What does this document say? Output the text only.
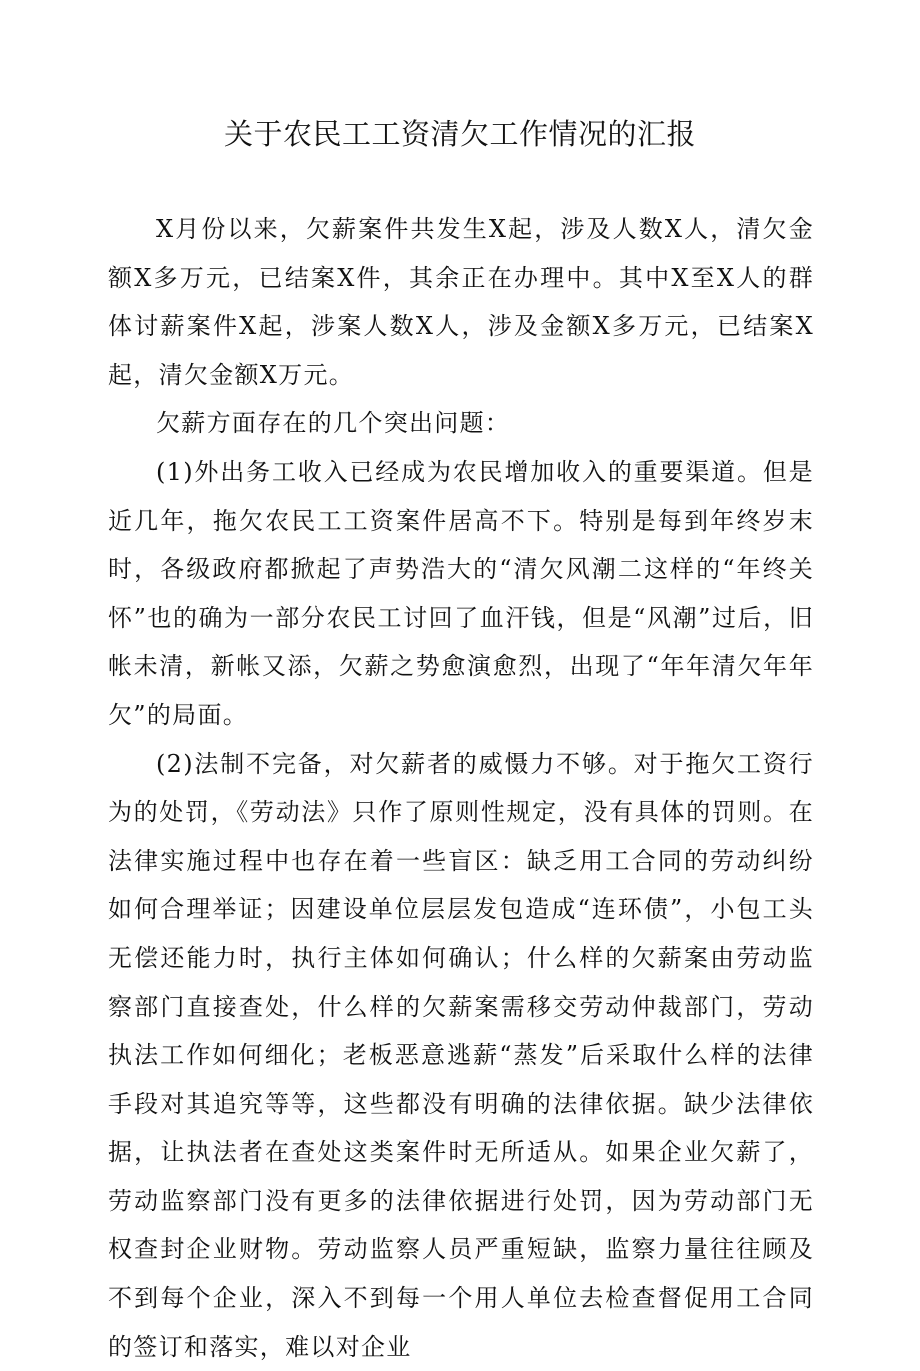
关于农民工工资清欠工作情况的汇报

X月份以来，欠薪案件共发生X起，涉及人数X人，清欠金额X多万元，已结案X件，其余正在办理中。其中X至X人的群体讨薪案件X起，涉案人数X人，涉及金额X多万元，已结案X起，清欠金额X万元。

欠薪方面存在的几个突出问题：

(1)外出务工收入已经成为农民增加收入的重要渠道。但是近几年，拖欠农民工工资案件居高不下。特别是每到年终岁末时，各级政府都掀起了声势浩大的“清欠风潮二这样的“年终关怀”也的确为一部分农民工讨回了血汗钱，但是“风潮”过后，旧帐未清，新帐又添，欠薪之势愈演愈烈，出现了“年年清欠年年欠”的局面。

(2)法制不完备，对欠薪者的威慑力不够。对于拖欠工资行为的处罚，《劳动法》只作了原则性规定，没有具体的罚则。在法律实施过程中也存在着一些盲区：缺乏用工合同的劳动纠纷如何合理举证；因建设单位层层发包造成“连环债”，小包工头无偿还能力时，执行主体如何确认；什么样的欠薪案由劳动监察部门直接查处，什么样的欠薪案需移交劳动仲裁部门，劳动执法工作如何细化；老板恶意逃薪“蒸发”后采取什么样的法律手段对其追究等等，这些都没有明确的法律依据。缺少法律依据，让执法者在查处这类案件时无所适从。如果企业欠薪了，劳动监察部门没有更多的法律依据进行处罚，因为劳动部门无权查封企业财物。劳动监察人员严重短缺，监察力量往往顾及不到每个企业，深入不到每一个用人单位去检查督促用工合同的签订和落实，难以对企业
